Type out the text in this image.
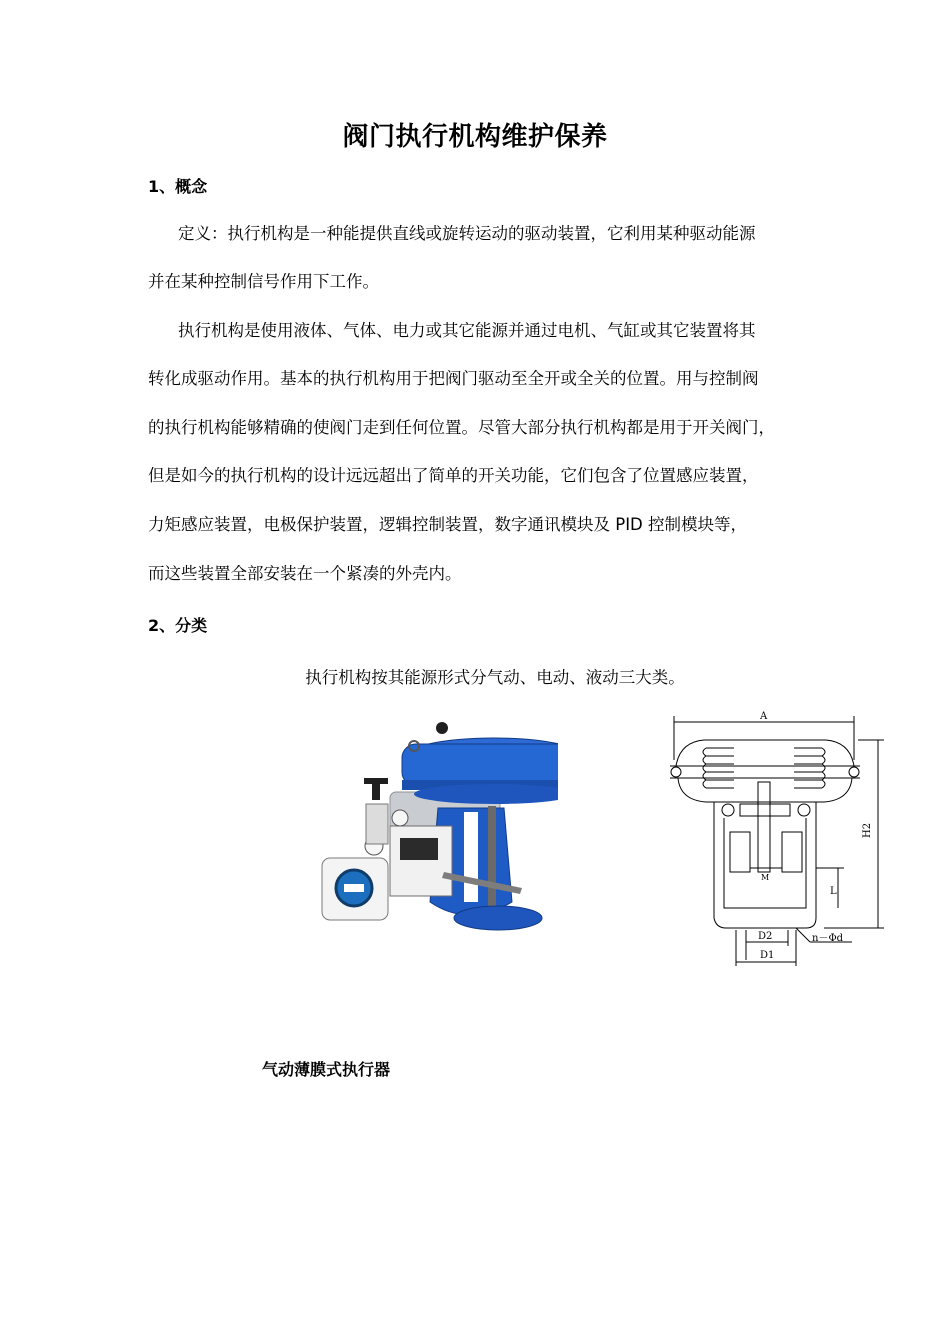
阀门执行机构维护保养
1、概念
定义：执行机构是一种能提供直线或旋转运动的驱动装置，它利用某种驱动能源
并在某种控制信号作用下工作。
执行机构是使用液体、气体、电力或其它能源并通过电机、气缸或其它装置将其
转化成驱动作用。基本的执行机构用于把阀门驱动至全开或全关的位置。用与控制阀
的执行机构能够精确的使阀门走到任何位置。尽管大部分执行机构都是用于开关阀门，
但是如今的执行机构的设计远远超出了简单的开关功能，它们包含了位置感应装置，
力矩感应装置，电极保护装置，逻辑控制装置，数字通讯模块及 PID 控制模块等，
而这些装置全部安装在一个紧凑的外壳内。
2、分类
执行机构按其能源形式分气动、电动、液动三大类。
A
H2
L
M
D2
D1
n－Φd
气动薄膜式执行器
